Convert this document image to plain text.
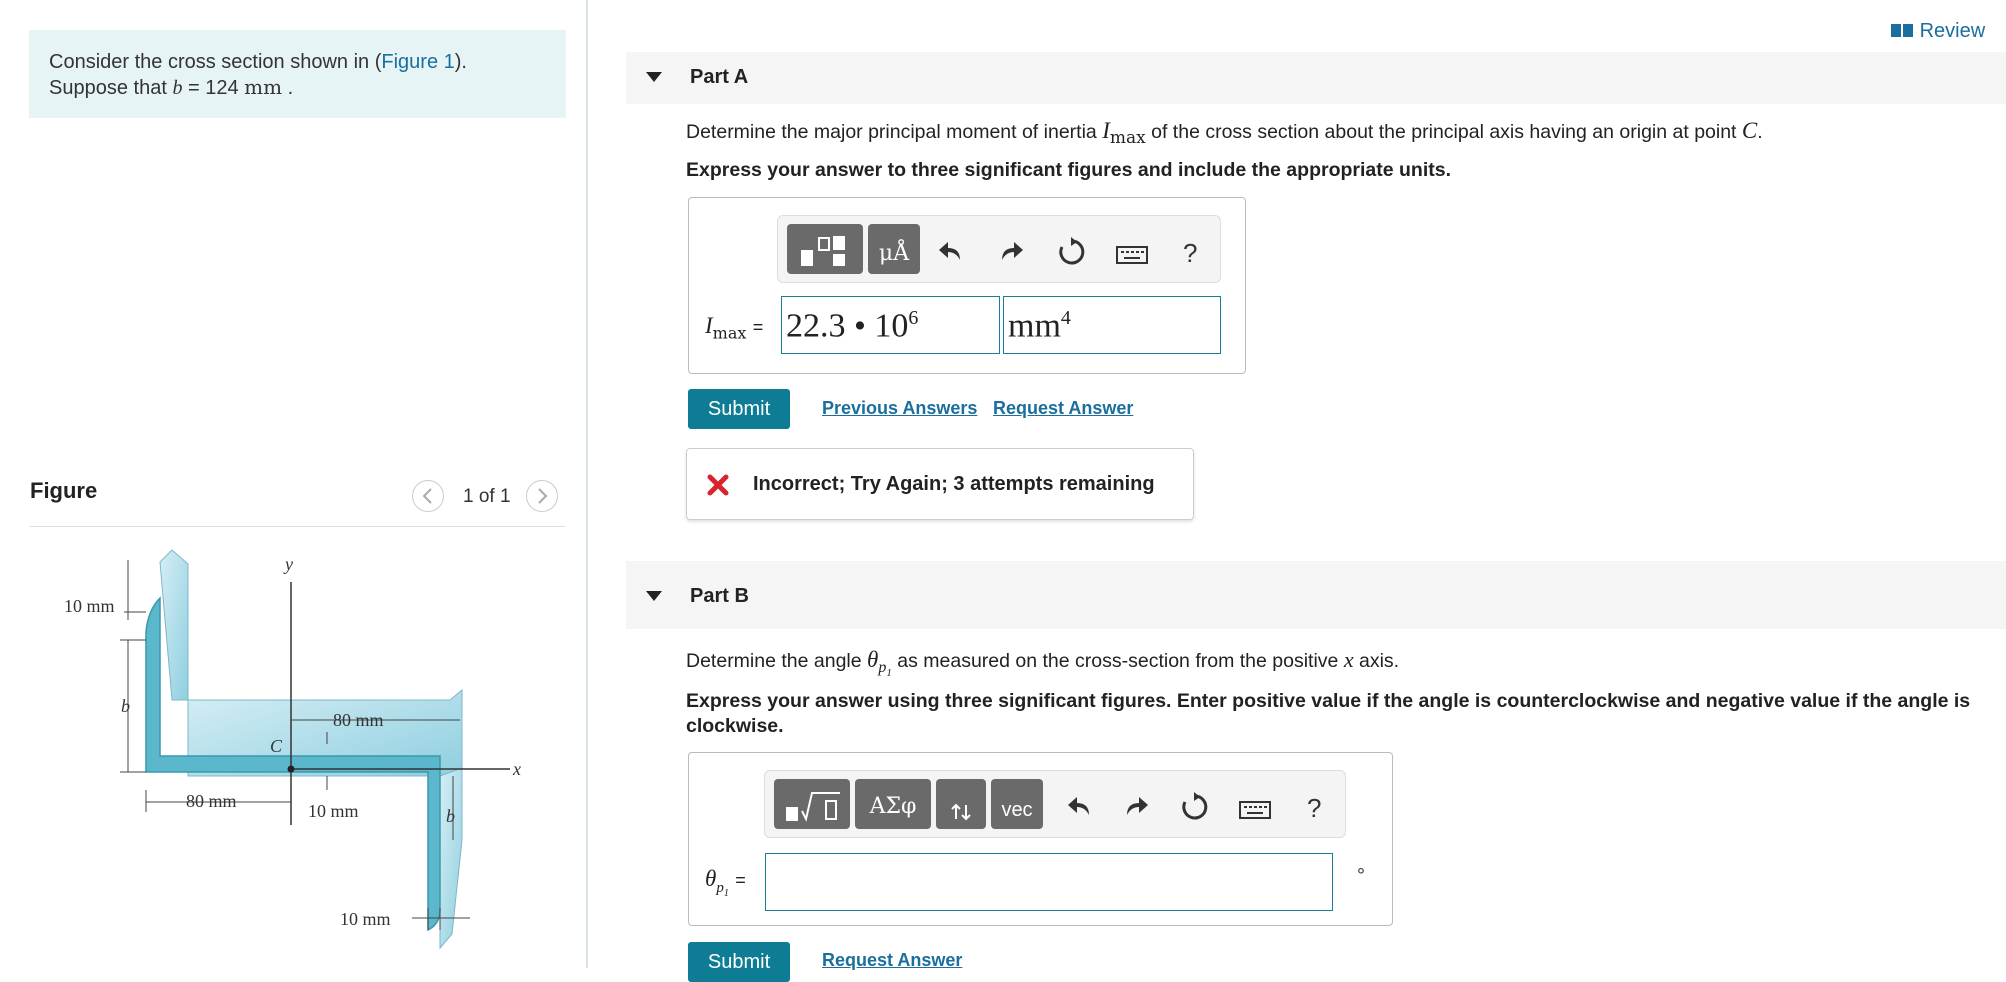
Consider the cross section shown in (Figure 1). Suppose that b = 124 mm .
Figure	1 of 1
10 mm
b
y
80 mm
C
x
80 mm	10 mm	b
10 mm
Review
Part A
Determine the major principal moment of inertia $I_{max}$ of the cross section about the principal axis having an origin at point C.
Express your answer to three significant figures and include the appropriate units.
μÅ	?
$I_{max} = 22.3$ • $10^6$	$mm^4$
Submit	Previous Answers Request Answer
Incorrect; Try Again; 3 attempts remaining
Part B
Determine the angle $\theta_{p_1}$ as measured on the cross-section from the positive x axis.
Express your answer using three significant figures. Enter positive value if the angle is counterclockwise and negative value if the angle is clockwise.
ΑΣφ	vec	?
$\theta_{p_1}$ =	°
Submit	Request Answer
